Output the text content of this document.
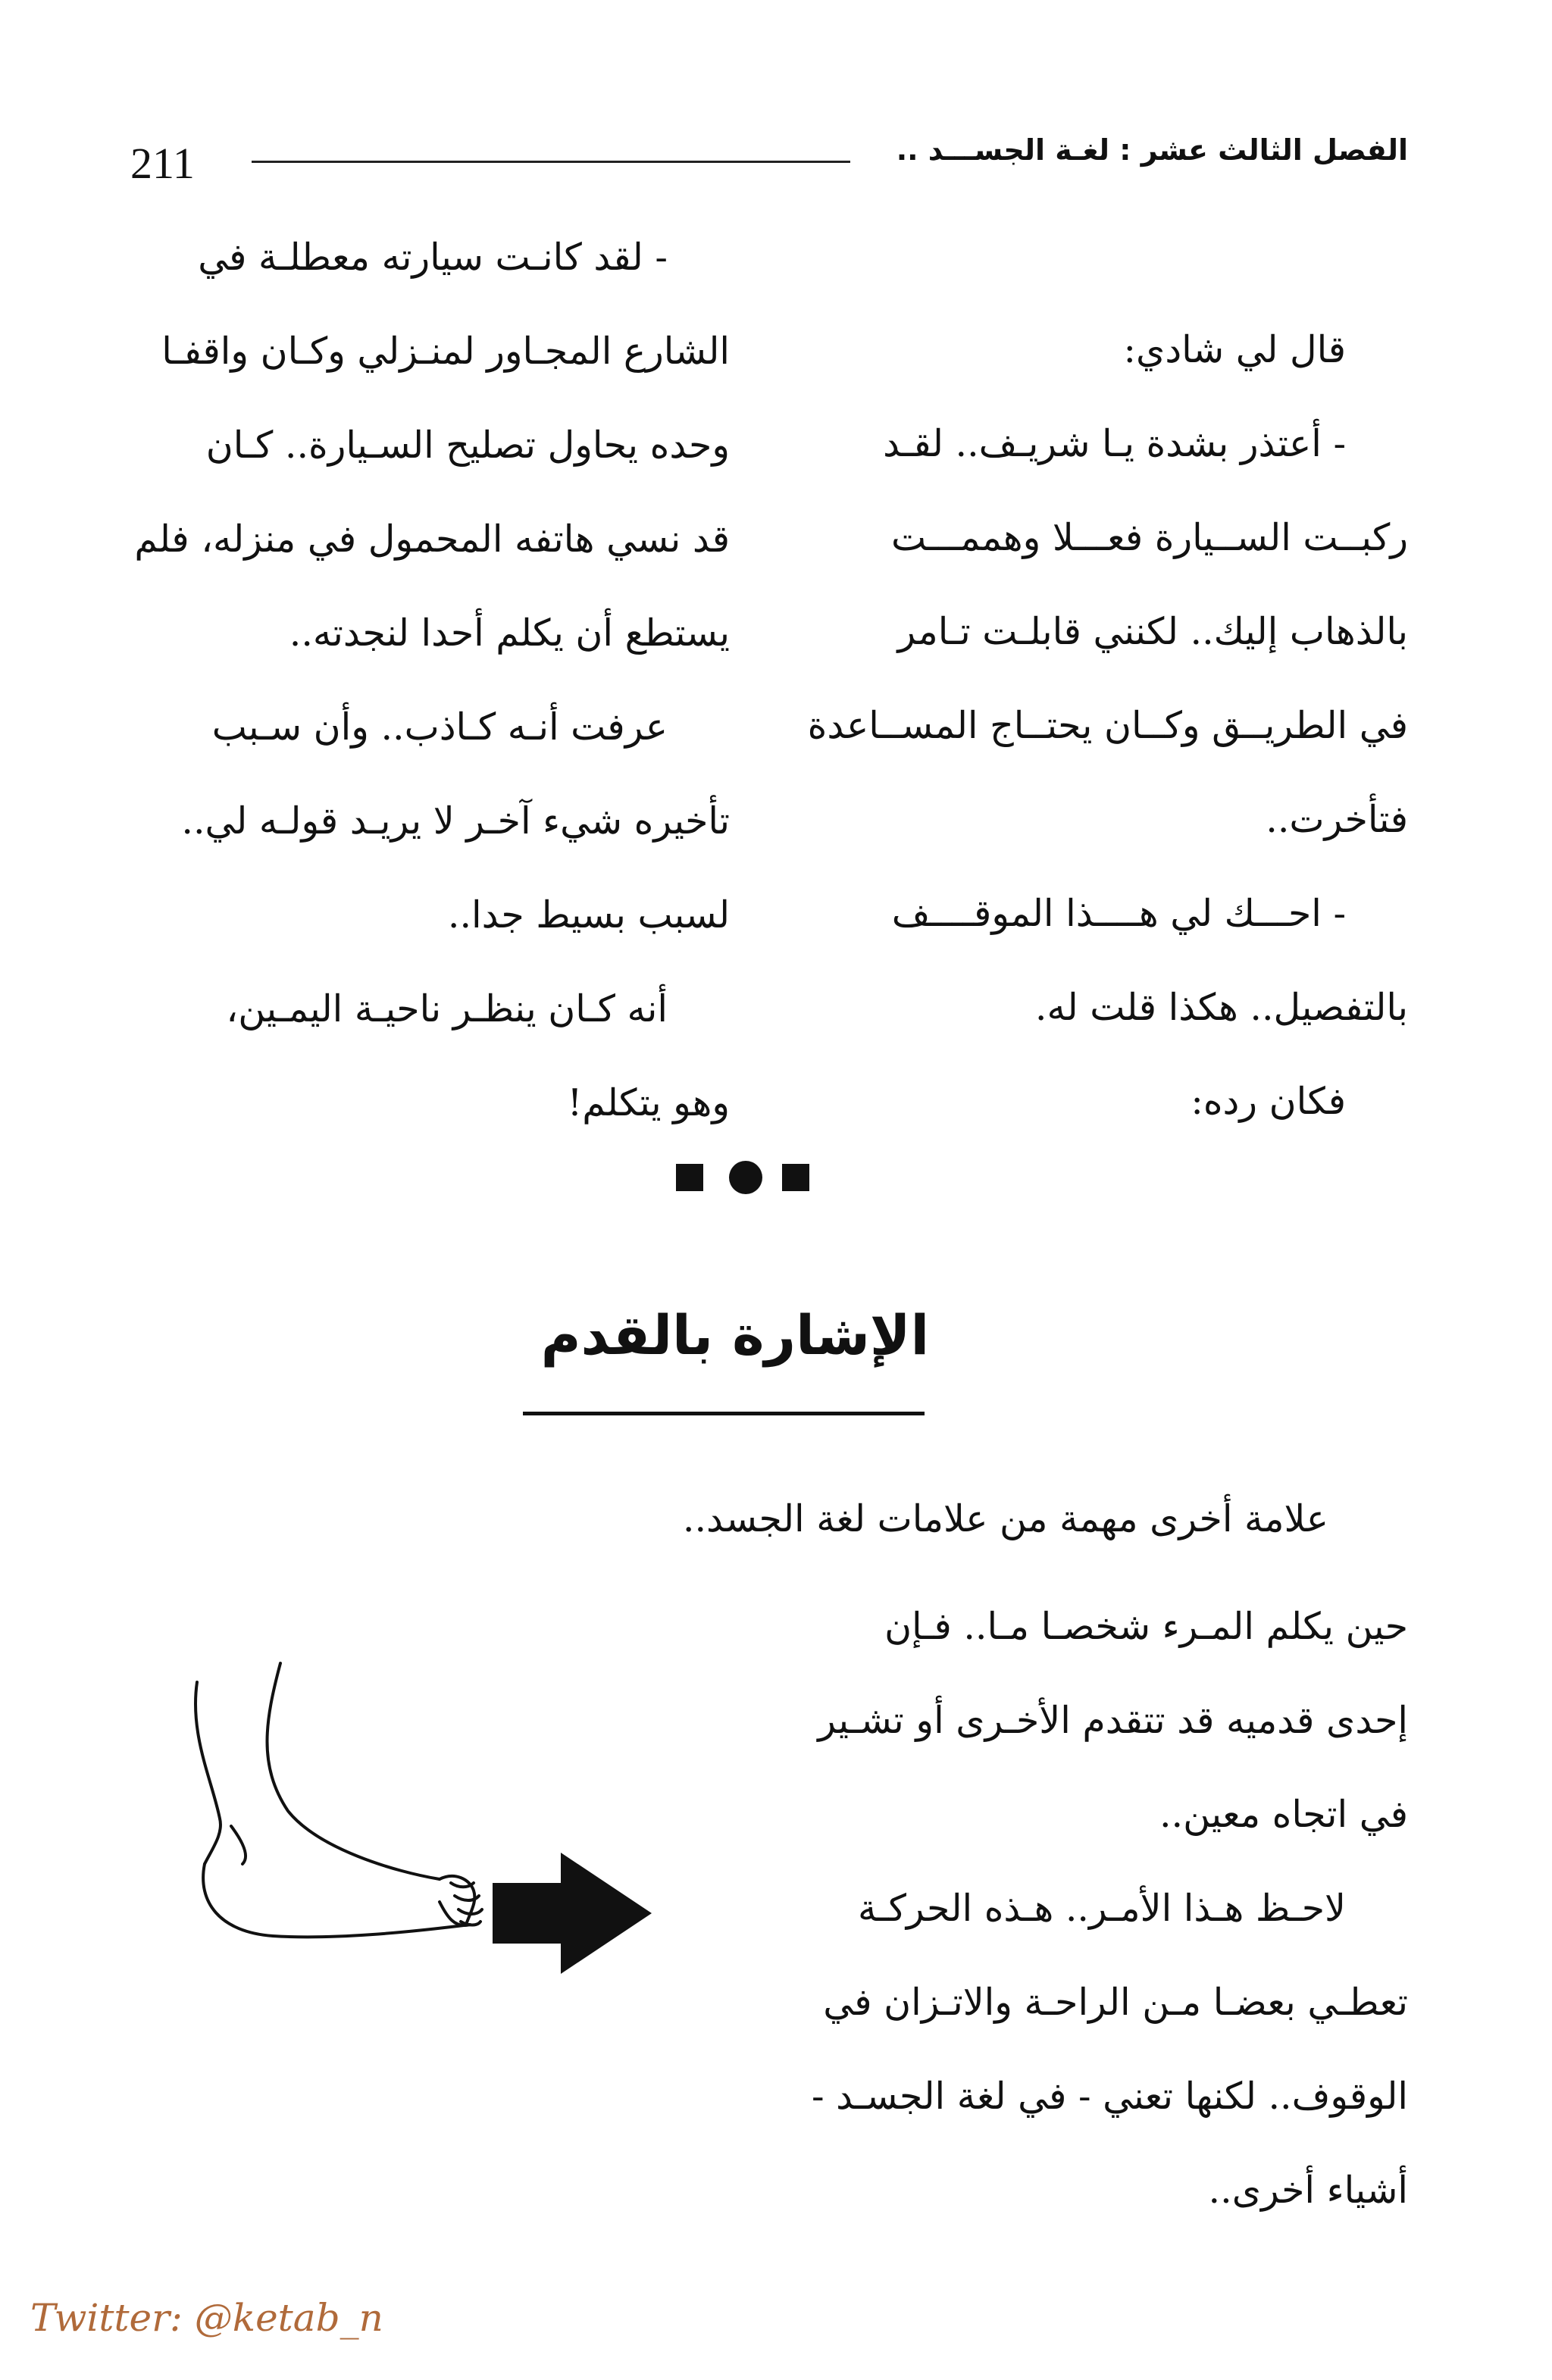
211	الفصل الثالث عشر : لغـة الجســـد ..

قال لي شادي:

- أعتذر بشدة يـا شريـف.. لقـد

ركبــت الســيارة فعـــلا وهممـــت

بالذهاب إليك.. لكنني قابلـت تـامر

في الطريــق وكــان يحتــاج المســاعدة

فتأخرت..

- احـــك لي هــــذا الموقــــف

بالتفصيل.. هكذا قلت له.

فكان رده:

- لقد كانـت سيارته معطلـة في

الشارع المجـاور لمنـزلي وكـان واقفـا

وحده يحاول تصليح السـيارة.. كـان

قد نسي هاتفه المحمول في منزله، فلم

يستطع أن يكلم أحدا لنجدته..

عرفت أنـه كـاذب.. وأن سـبب

تأخيره شيء آخـر لا يريـد قولـه لي..

لسبب بسيط جدا..

أنه كـان ينظـر ناحيـة اليمـين،

وهو يتكلم!

الإشارة بالقدم
علامة أخرى مهمة من علامات لغة الجسد..

حين يكلم المـرء شخصـا مـا.. فـإن

إحدى قدميه قد تتقدم الأخـرى أو تشـير

في اتجاه معين..

لاحـظ هـذا الأمـر.. هـذه الحركـة

تعطـي بعضـا مـن الراحـة والاتـزان في

الوقوف.. لكنها تعني - في لغة الجسـد -

أشياء أخرى..

Twitter: @ketab_n
